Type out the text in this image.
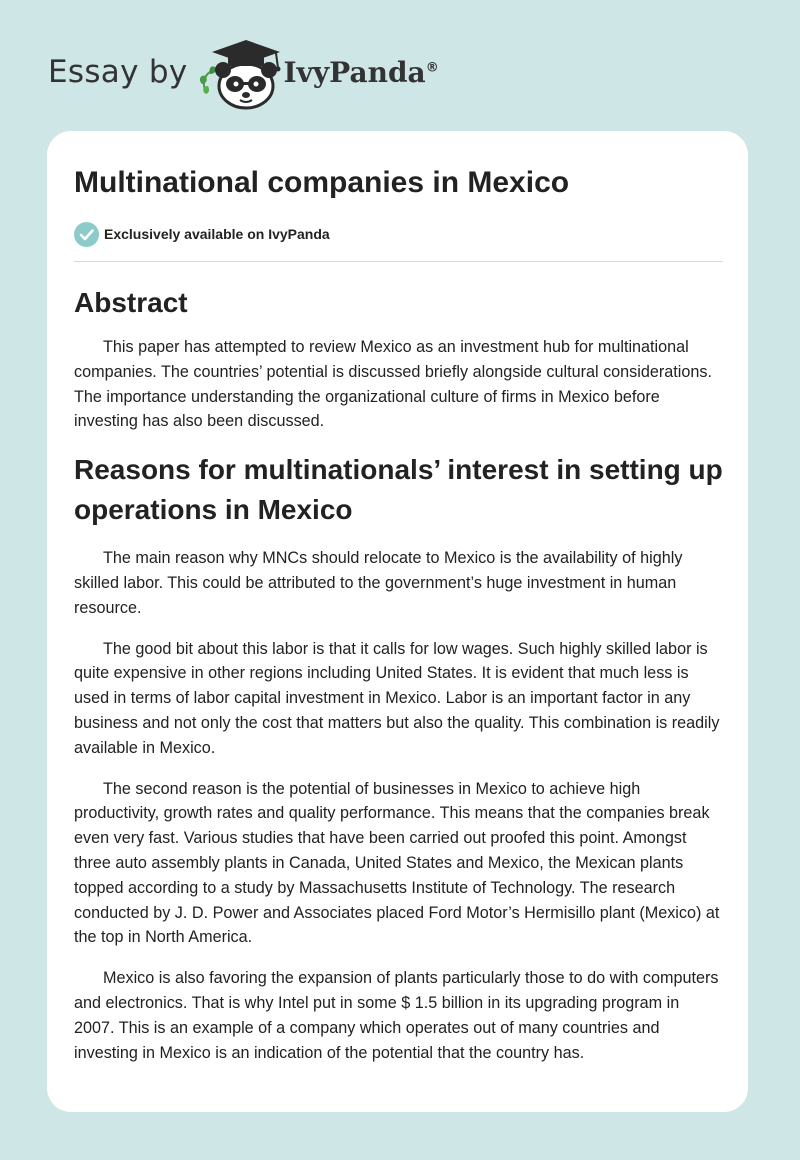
Essay by	IvyPanda®
Multinational companies in Mexico
Exclusively available on IvyPanda
Abstract

This paper has attempted to review Mexico as an investment hub for multinational companies. The countries’ potential is discussed briefly alongside cultural considerations. The importance understanding the organizational culture of firms in Mexico before investing has also been discussed.

Reasons for multinationals’ interest in setting up operations in Mexico

The main reason why MNCs should relocate to Mexico is the availability of highly skilled labor. This could be attributed to the government’s huge investment in human resource.

The good bit about this labor is that it calls for low wages. Such highly skilled labor is quite expensive in other regions including United States. It is evident that much less is used in terms of labor capital investment in Mexico. Labor is an important factor in any business and not only the cost that matters but also the quality. This combination is readily available in Mexico.

The second reason is the potential of businesses in Mexico to achieve high productivity, growth rates and quality performance. This means that the companies break even very fast. Various studies that have been carried out proofed this point. Amongst three auto assembly plants in Canada, United States and Mexico, the Mexican plants topped according to a study by Massachusetts Institute of Technology. The research conducted by J. D. Power and Associates placed Ford Motor’s Hermisillo plant (Mexico) at the top in North America.

Mexico is also favoring the expansion of plants particularly those to do with computers and electronics. That is why Intel put in some $ 1.5 billion in its upgrading program in 2007. This is an example of a company which operates out of many countries and investing in Mexico is an indication of the potential that the country has.
